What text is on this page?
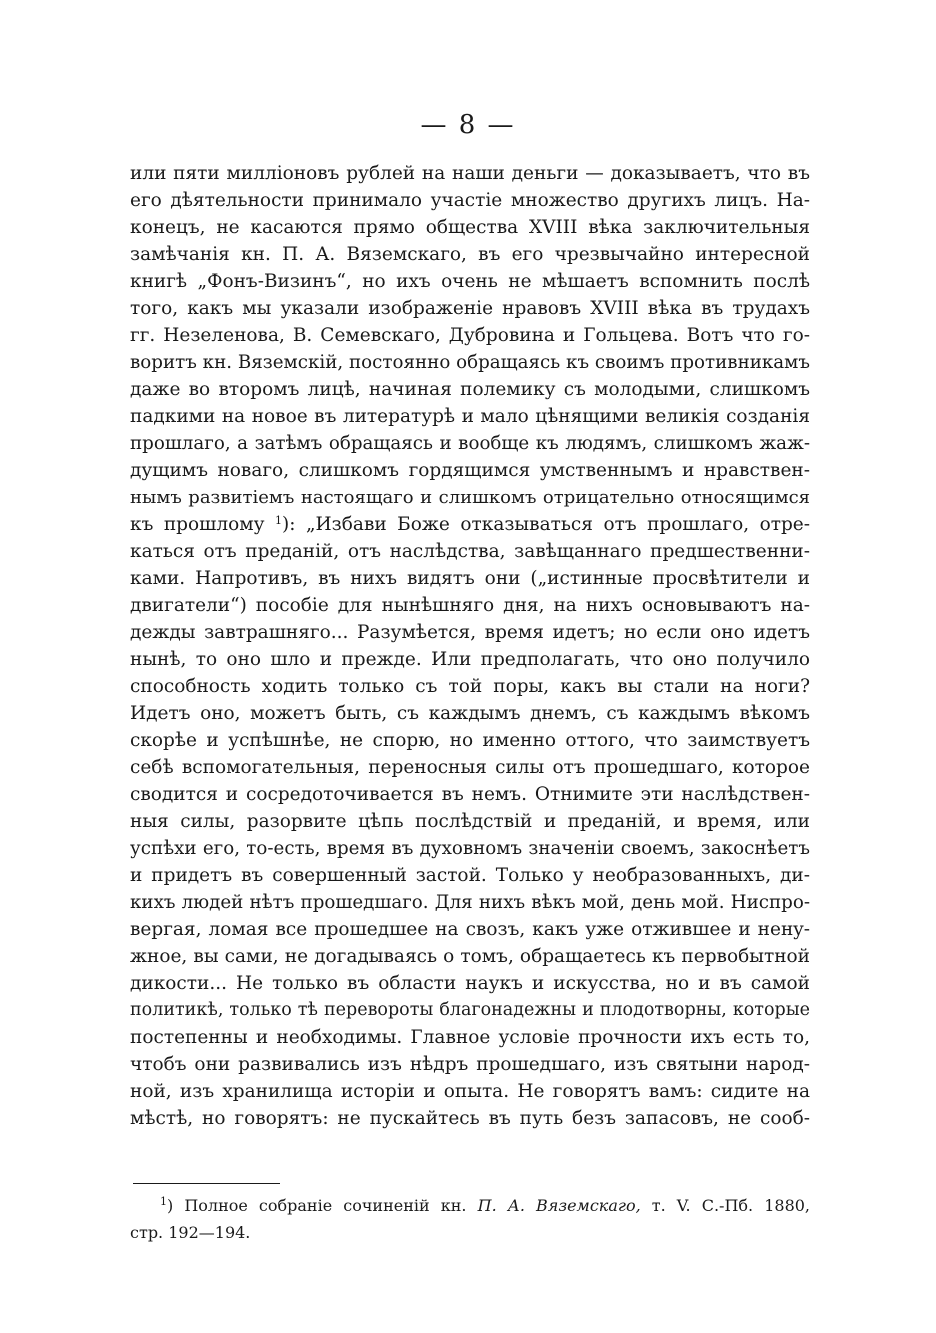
— 8 —
или пяти милліоновъ рублей на наши деньги — доказываетъ, что въ
его дѣятельности принимало участіе множество другихъ лицъ. На-
конецъ, не касаются прямо общества XVIII вѣка заключительныя
замѣчанія кн. П. А. Вяземскаго, въ его чрезвычайно интересной
книгѣ „Фонъ-Визинъ“, но ихъ очень не мѣшаетъ вспомнить послѣ
того, какъ мы указали изображеніе нравовъ XVIII вѣка въ трудахъ
гг. Незеленова, В. Семевскаго, Дубровина и Гольцева. Вотъ что го-
воритъ кн. Вяземскій, постоянно обращаясь къ своимъ противникамъ
даже во второмъ лицѣ, начиная полемику съ молодыми, слишкомъ
падкими на новое въ литературѣ и мало цѣнящими великія созданія
прошлаго, а затѣмъ обращаясь и вообще къ людямъ, слишкомъ жаж-
дущимъ новаго, слишкомъ гордящимся умственнымъ и нравствен-
нымъ развитіемъ настоящаго и слишкомъ отрицательно относящимся
къ прошлому $^1$): „Избави Боже отказываться отъ прошлаго, отре-
каться отъ преданій, отъ наслѣдства, завѣщаннаго предшественни-
ками. Напротивъ, въ нихъ видятъ они („истинные просвѣтители и
двигатели“) пособіе для нынѣшняго дня, на нихъ основываютъ на-
дежды завтрашняго... Разумѣется, время идетъ; но если оно идетъ
нынѣ, то оно шло и прежде. Или предполагать, что оно получило
способность ходить только съ той поры, какъ вы стали на ноги?
Идетъ оно, можетъ быть, съ каждымъ днемъ, съ каждымъ вѣкомъ
скорѣе и успѣшнѣе, не спорю, но именно оттого, что заимствуетъ
себѣ вспомогательныя, переносныя силы отъ прошедшаго, которое
сводится и сосредоточивается въ немъ. Отнимите эти наслѣдствен-
ныя силы, разорвите цѣпь послѣдствій и преданій, и время, или
успѣхи его, то-есть, время въ духовномъ значеніи своемъ, закоснѣетъ
и придетъ въ совершенный застой. Только у необразованныхъ, ди-
кихъ людей нѣтъ прошедшаго. Для нихъ вѣкъ мой, день мой. Ниспро-
вергая, ломая все прошедшее на свозъ, какъ уже отжившее и ненy-
жное, вы сами, не догадываясь о томъ, обращаетесь къ первобытной
дикости... Не только въ области наукъ и искусства, но и въ самой
политикѣ, только тѣ перевороты благонадежны и плодотворны, которые
постепенны и необходимы. Главное условіе прочности ихъ есть то,
чтобъ они развивались изъ нѣдръ прошедшаго, изъ святыни народ-
ной, изъ хранилища исторіи и опыта. Не говорятъ вамъ: сидите на
мѣстѣ, но говорятъ: не пускайтесь въ путь безъ запасовъ, не сооб-
$^1$) Полное собраніе сочиненій кн. П. А. Вяземскаго, т. V. С.-Пб. 1880,
стр. 192—194.
